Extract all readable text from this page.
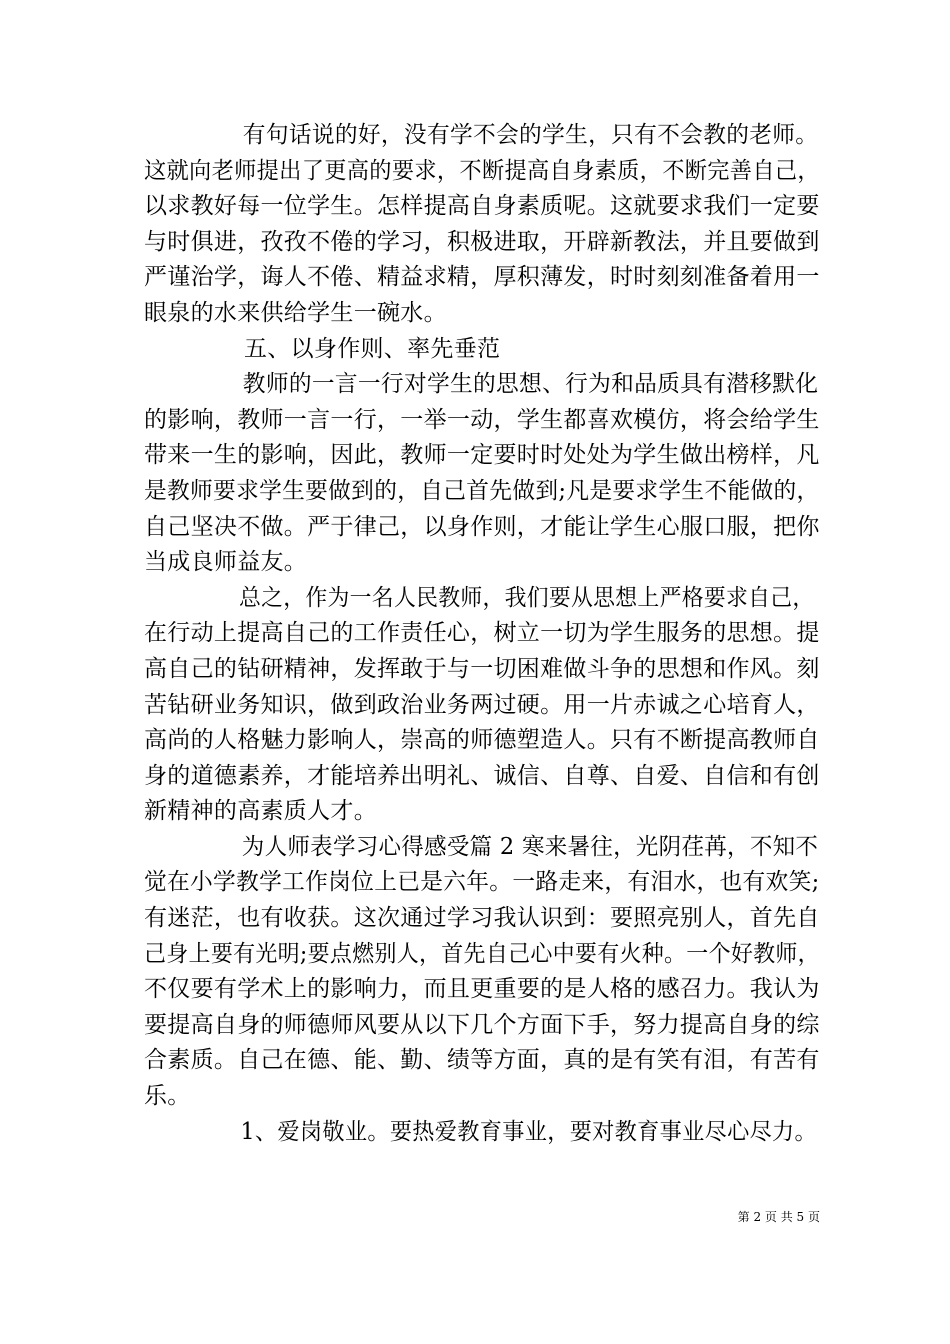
有句话说的好，没有学不会的学生，只有不会教的老师。
这就向老师提出了更高的要求，不断提高自身素质，不断完善自己，
以求教好每一位学生。怎样提高自身素质呢。这就要求我们一定要
与时俱进，孜孜不倦的学习，积极进取，开辟新教法，并且要做到
严谨治学，诲人不倦、精益求精，厚积薄发，时时刻刻准备着用一
眼泉的水来供给学生一碗水。
五、以身作则、率先垂范
教师的一言一行对学生的思想、行为和品质具有潜移默化
的影响，教师一言一行，一举一动，学生都喜欢模仿，将会给学生
带来一生的影响，因此，教师一定要时时处处为学生做出榜样，凡
是教师要求学生要做到的，自己首先做到;凡是要求学生不能做的，
自己坚决不做。严于律己，以身作则，才能让学生心服口服，把你
当成良师益友。
总之，作为一名人民教师，我们要从思想上严格要求自己，
在行动上提高自己的工作责任心，树立一切为学生服务的思想。提
高自己的钻研精神，发挥敢于与一切困难做斗争的思想和作风。刻
苦钻研业务知识，做到政治业务两过硬。用一片赤诚之心培育人，
高尚的人格魅力影响人，崇高的师德塑造人。只有不断提高教师自
身的道德素养，才能培养出明礼、诚信、自尊、自爱、自信和有创
新精神的高素质人才。
为人师表学习心得感受篇 2 寒来暑往，光阴荏苒，不知不
觉在小学教学工作岗位上已是六年。一路走来，有泪水，也有欢笑;
有迷茫，也有收获。这次通过学习我认识到：要照亮别人，首先自
己身上要有光明;要点燃别人，首先自己心中要有火种。一个好教师，
不仅要有学术上的影响力，而且更重要的是人格的感召力。我认为
要提高自身的师德师风要从以下几个方面下手，努力提高自身的综
合素质。自己在德、能、勤、绩等方面，真的是有笑有泪，有苦有
乐。
1、爱岗敬业。要热爱教育事业，要对教育事业尽心尽力。
第 2 页 共 5 页
